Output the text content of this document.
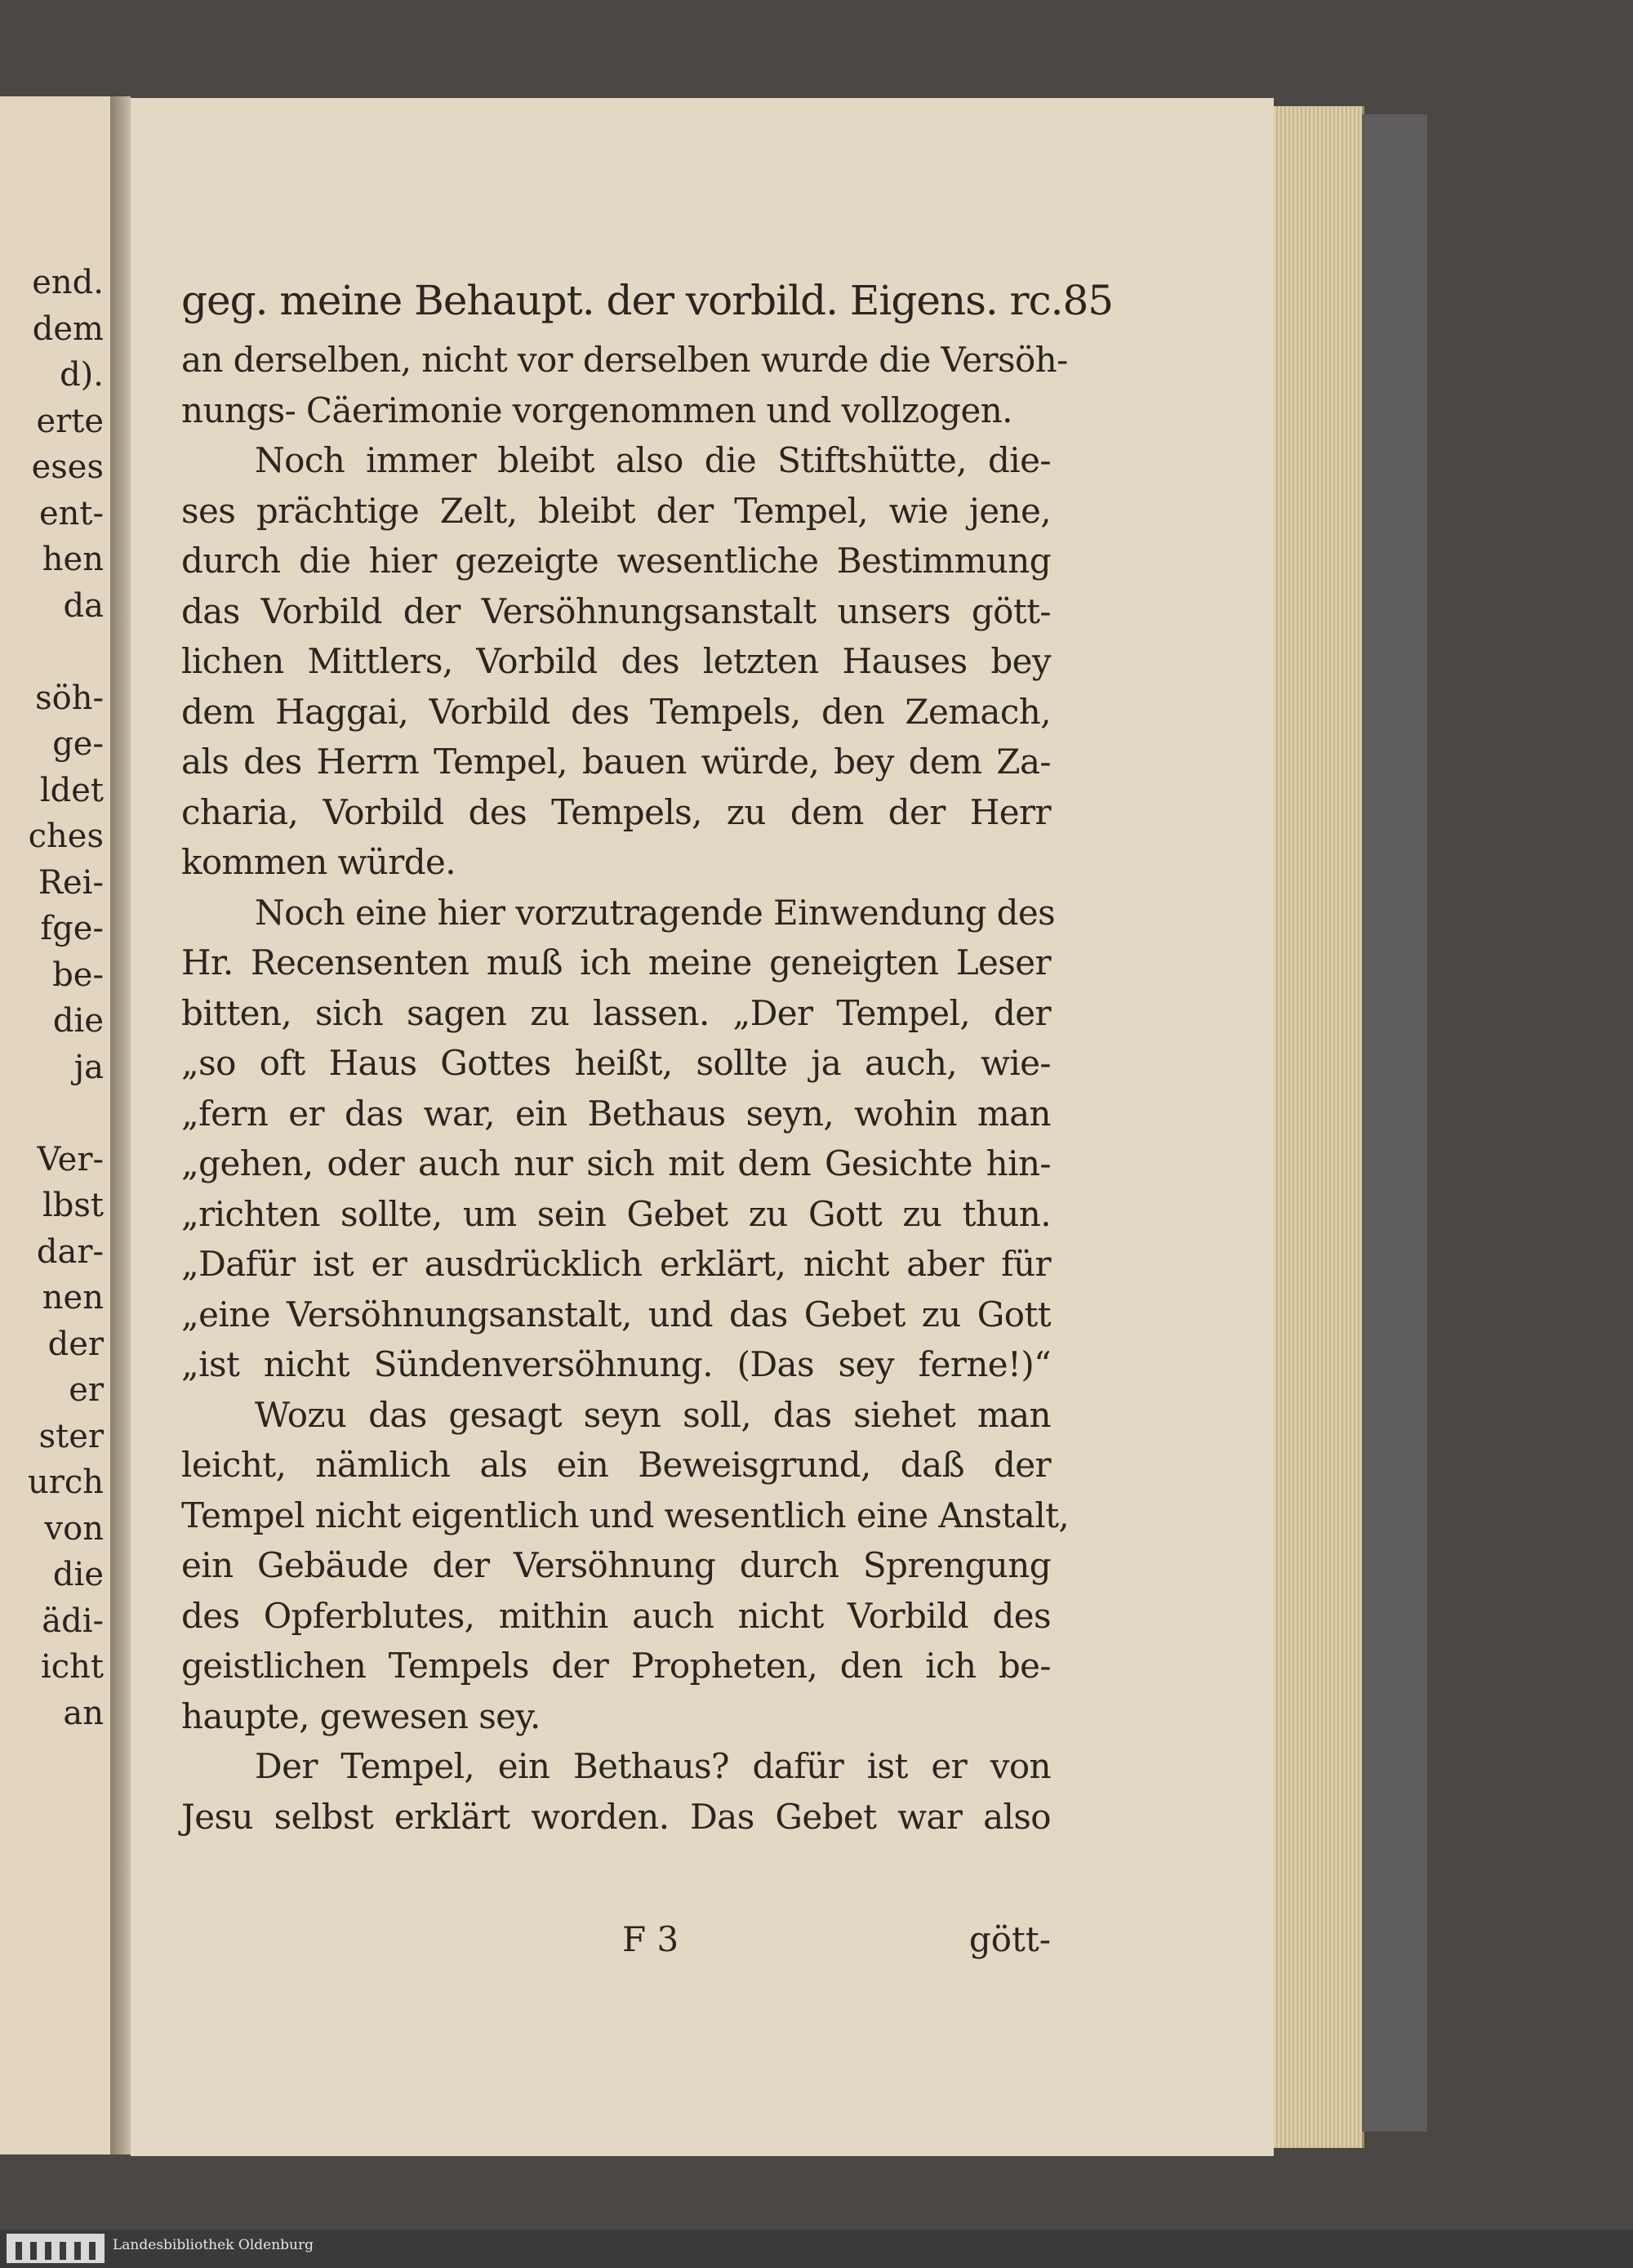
end.
dem
d).
erte
eses
ent-
hen
da

söh-
ge-
ldet
ches
Rei-
fge-
be-
die
ja

Ver-
lbst
dar-
nen
der
er
ster
urch
von
die
ädi-
icht
an
geg. meine Behaupt. der vorbild. Eigens. rc. 85
an derselben, nicht vor derselben wurde die Versöh-
nungs- Cäerimonie vorgenommen und vollzogen.
Noch immer bleibt also die Stiftshütte, die-
ses prächtige Zelt, bleibt der Tempel, wie jene,
durch die hier gezeigte wesentliche Bestimmung
das Vorbild der Versöhnungsanstalt unsers gött-
lichen Mittlers, Vorbild des letzten Hauses bey
dem Haggai, Vorbild des Tempels, den Zemach,
als des Herrn Tempel, bauen würde, bey dem Za-
charia, Vorbild des Tempels, zu dem der Herr
kommen würde.
Noch eine hier vorzutragende Einwendung des
Hr. Recensenten muß ich meine geneigten Leser
bitten, sich sagen zu lassen. „Der Tempel, der
„so oft Haus Gottes heißt, sollte ja auch, wie-
„fern er das war, ein Bethaus seyn, wohin man
„gehen, oder auch nur sich mit dem Gesichte hin-
„richten sollte, um sein Gebet zu Gott zu thun.
„Dafür ist er ausdrücklich erklärt, nicht aber für
„eine Versöhnungsanstalt, und das Gebet zu Gott
„ist nicht Sündenversöhnung. (Das sey ferne!)“
Wozu das gesagt seyn soll, das siehet man
leicht, nämlich als ein Beweisgrund, daß der
Tempel nicht eigentlich und wesentlich eine Anstalt,
ein Gebäude der Versöhnung durch Sprengung
des Opferblutes, mithin auch nicht Vorbild des
geistlichen Tempels der Propheten, den ich be-
haupte, gewesen sey.
Der Tempel, ein Bethaus? dafür ist er von
Jesu selbst erklärt worden. Das Gebet war also
F 3	gött-
Landesbibliothek Oldenburg
